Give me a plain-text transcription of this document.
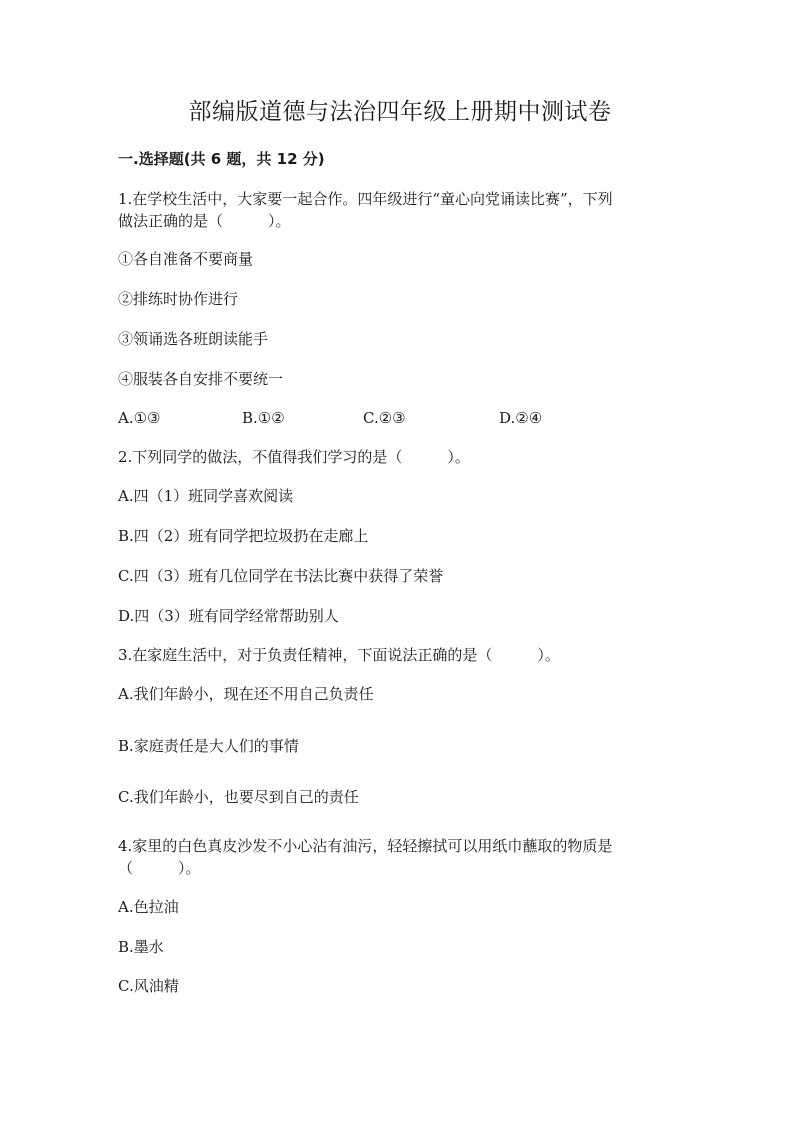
部编版道德与法治四年级上册期中测试卷
一.选择题(共 6 题，共 12 分)
1.在学校生活中，大家要一起合作。四年级进行“童心向党诵读比赛”，下列
做法正确的是（　　　）。
①各自准备不要商量
②排练时协作进行
③领诵选各班朗读能手
④服装各自安排不要统一
A.①③	B.①②	C.②③	D.②④
2.下列同学的做法，不值得我们学习的是（　　　）。
A.四（1）班同学喜欢阅读
B.四（2）班有同学把垃圾扔在走廊上
C.四（3）班有几位同学在书法比赛中获得了荣誉
D.四（3）班有同学经常帮助别人
3.在家庭生活中，对于负责任精神，下面说法正确的是（　　　）。
A.我们年龄小，现在还不用自己负责任
B.家庭责任是大人们的事情
C.我们年龄小，也要尽到自己的责任
4.家里的白色真皮沙发不小心沾有油污，轻轻擦拭可以用纸巾蘸取的物质是
（　　　）。
A.色拉油
B.墨水
C.风油精
